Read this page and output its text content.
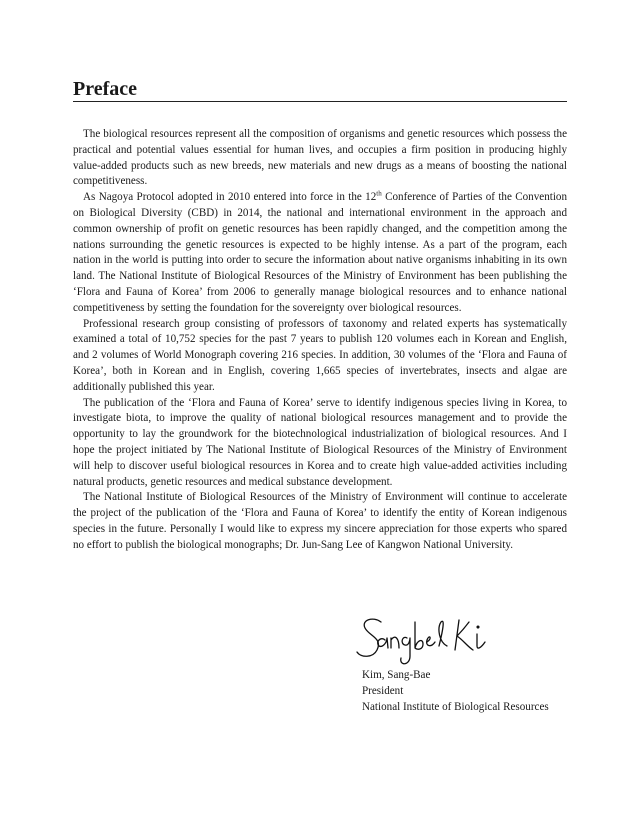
Preface

The biological resources represent all the composition of organisms and genetic resources which possess the practical and potential values essential for human lives, and occupies a firm position in producing highly value-added products such as new breeds, new materials and new drugs as a means of boosting the national competitiveness.

As Nagoya Protocol adopted in 2010 entered into force in the 12th Conference of Parties of the Convention on Biological Diversity (CBD) in 2014, the national and international environment in the approach and common ownership of profit on genetic resources has been rapidly changed, and the competition among the nations surrounding the genetic resources is expected to be highly intense. As a part of the program, each nation in the world is putting into order to secure the information about native organisms inhabiting in its own land. The National Institute of Biological Resources of the Ministry of Environment has been publishing the ‘Flora and Fauna of Korea’ from 2006 to generally manage biological resources and to enhance national competitiveness by setting the foundation for the sovereignty over biological resources.

Professional research group consisting of professors of taxonomy and related experts has systematically examined a total of 10,752 species for the past 7 years to publish 120 volumes each in Korean and English, and 2 volumes of World Monograph covering 216 species. In addition, 30 volumes of the ‘Flora and Fauna of Korea’, both in Korean and in English, covering 1,665 species of invertebrates, insects and algae are additionally published this year.

The publication of the ‘Flora and Fauna of Korea’ serve to identify indigenous species living in Korea, to investigate biota, to improve the quality of national biological resources management and to provide the opportunity to lay the groundwork for the biotechnological industrialization of biological resources. And I hope the project initiated by The National Institute of Biological Resources of the Ministry of Environment will help to discover useful biological resources in Korea and to create high value-added activities including natural products, genetic resources and medical substance development.

The National Institute of Biological Resources of the Ministry of Environment will continue to accelerate the project of the publication of the ‘Flora and Fauna of Korea’ to identify the entity of Korean indigenous species in the future. Personally I would like to express my sincere appreciation for those experts who spared no effort to publish the biological monographs; Dr. Jun-Sang Lee of Kangwon National University.

Kim, Sang-Bae
President
National Institute of Biological Resources
